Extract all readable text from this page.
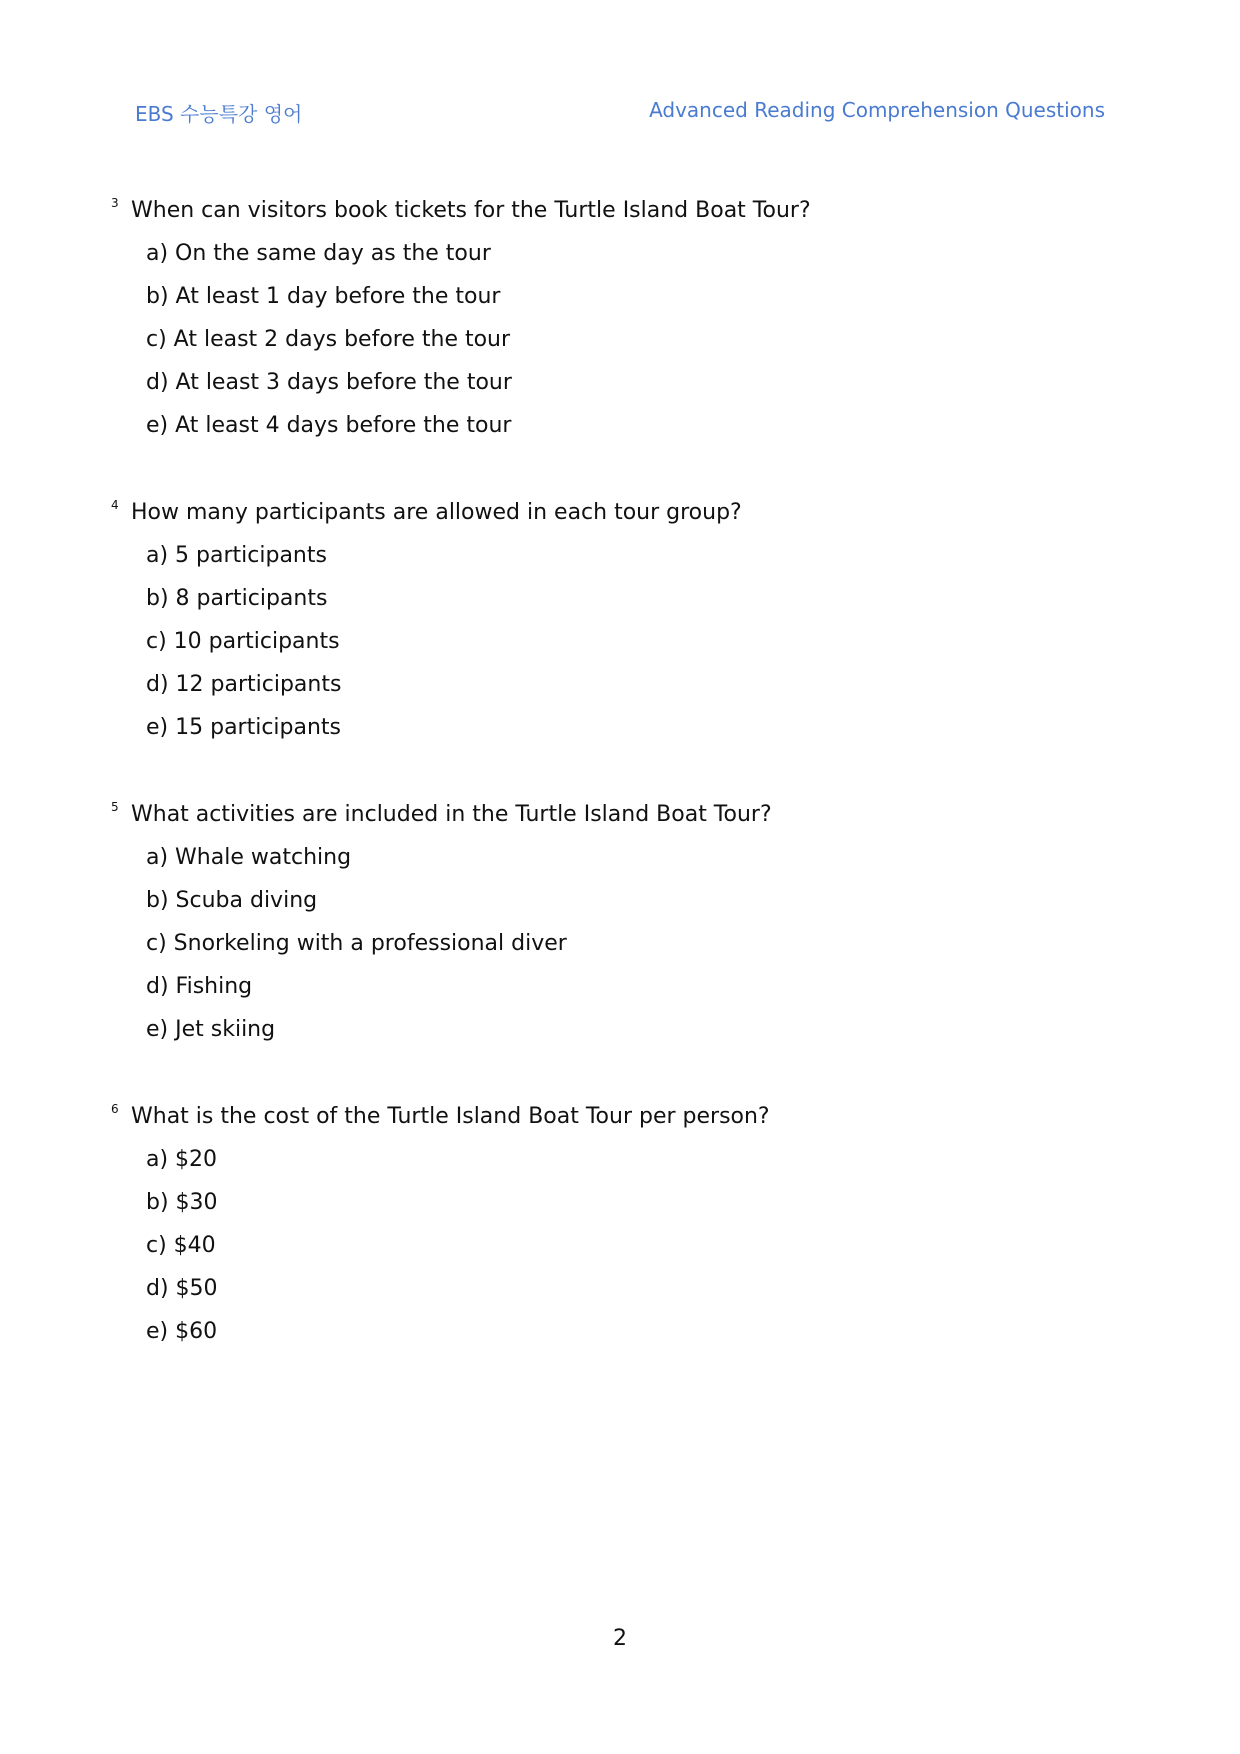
EBS 수능특강 영어	Advanced Reading Comprehension Questions
3 When can visitors book tickets for the Turtle Island Boat Tour?
a) On the same day as the tour
b) At least 1 day before the tour
c) At least 2 days before the tour
d) At least 3 days before the tour
e) At least 4 days before the tour
4 How many participants are allowed in each tour group?
a) 5 participants
b) 8 participants
c) 10 participants
d) 12 participants
e) 15 participants
5 What activities are included in the Turtle Island Boat Tour?
a) Whale watching
b) Scuba diving
c) Snorkeling with a professional diver
d) Fishing
e) Jet skiing
6 What is the cost of the Turtle Island Boat Tour per person?
a) $20
b) $30
c) $40
d) $50
e) $60
2
